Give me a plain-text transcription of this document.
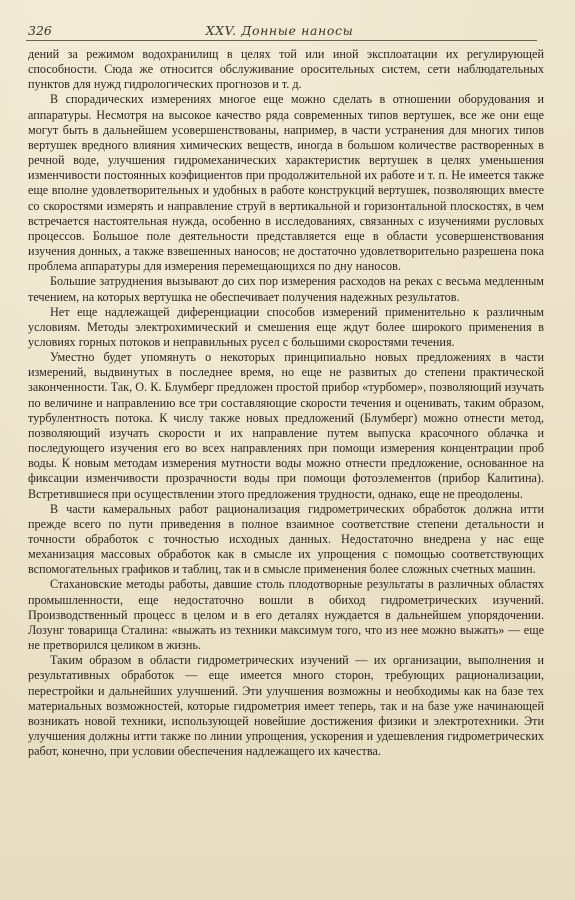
326	XXV. Донные наносы

дений за режимом водохранилищ в целях той или иной эксплоатации их регулирующей способности. Сюда же относится обслуживание оросительных систем, сети наблюдательных пунктов для нужд гидрологических прогнозов и т. д.

В спорадических измерениях многое еще можно сделать в отношении оборудования и аппаратуры. Несмотря на высокое качество ряда современных типов вертушек, все же они еще могут быть в дальнейшем усовершенствованы, например, в части устранения для многих типов вертушек вредного влияния химических веществ, иногда в большом количестве растворенных в речной воде, улучшения гидромеханических характеристик вертушек в целях уменьшения изменчивости постоянных коэфициентов при продолжительной их работе и т. п. Не имеется также еще вполне удовлетворительных и удобных в работе конструкций вертушек, позволяющих вместе со скоростями измерять и направление струй в вертикальной и горизонтальной плоскостях, в чем встречается настоятельная нужда, особенно в исследованиях, связанных с изучениями русловых процессов. Большое поле деятельности представляется еще в области усовершенствования изучения донных, а также взвешенных наносов; не достаточно удовлетворительно разрешена пока проблема аппаратуры для измерения перемещающихся по дну наносов.

Большие затруднения вызывают до сих пор измерения расходов на реках с весьма медленным течением, на которых вертушка не обеспечивает получения надежных результатов.

Нет еще надлежащей диференциации способов измерений применительно к различным условиям. Методы электрохимический и смешения еще ждут более широкого применения в условиях горных потоков и неправильных русел с большими скоростями течения.

Уместно будет упомянуть о некоторых принципиально новых предложениях в части измерений, выдвинутых в последнее время, но еще не развитых до степени практической законченности. Так, О. К. Блумберг предложен простой прибор «турбомер», позволяющий изучать по величине и направлению все три составляющие скорости течения и оценивать, таким образом, турбулентность потока. К числу также новых предложений (Блумберг) можно отнести метод, позволяющий изучать скорости и их направление путем выпуска красочного облачка и последующего изучения его во всех направлениях при помощи измерения концентрации проб воды. К новым методам измерения мутности воды можно отнести предложение, основанное на фиксации изменчивости прозрачности воды при помощи фотоэлементов (прибор Калитина). Встретившиеся при осуществлении этого предложения трудности, однако, еще не преодолены.

В части камеральных работ рационализация гидрометрических обработок должна итти прежде всего по пути приведения в полное взаимное соответствие степени детальности и точности обработок с точностью исходных данных. Недостаточно внедрена у нас еще механизация массовых обработок как в смысле их упрощения с помощью соответствующих вспомогательных графиков и таблиц, так и в смысле применения более сложных счетных машин.

Стахановские методы работы, давшие столь плодотворные результаты в различных областях промышленности, еще недостаточно вошли в обиход гидрометрических изучений. Производственный процесс в целом и в его деталях нуждается в дальнейшем упорядочении. Лозунг товарища Сталина: «выжать из техники максимум того, что из нее можно выжать» — еще не претворился целиком в жизнь.

Таким образом в области гидрометрических изучений — их организации, выполнения и результативных обработок — еще имеется много сторон, требующих рационализации, перестройки и дальнейших улучшений. Эти улучшения возможны и необходимы как на базе тех материальных возможностей, которые гидрометрия имеет теперь, так и на базе уже начинающей возникать новой техники, использующей новейшие достижения физики и электротехники. Эти улучшения должны итти также по линии упрощения, ускорения и удешевления гидрометрических работ, конечно, при условии обеспечения надлежащего их качества.
